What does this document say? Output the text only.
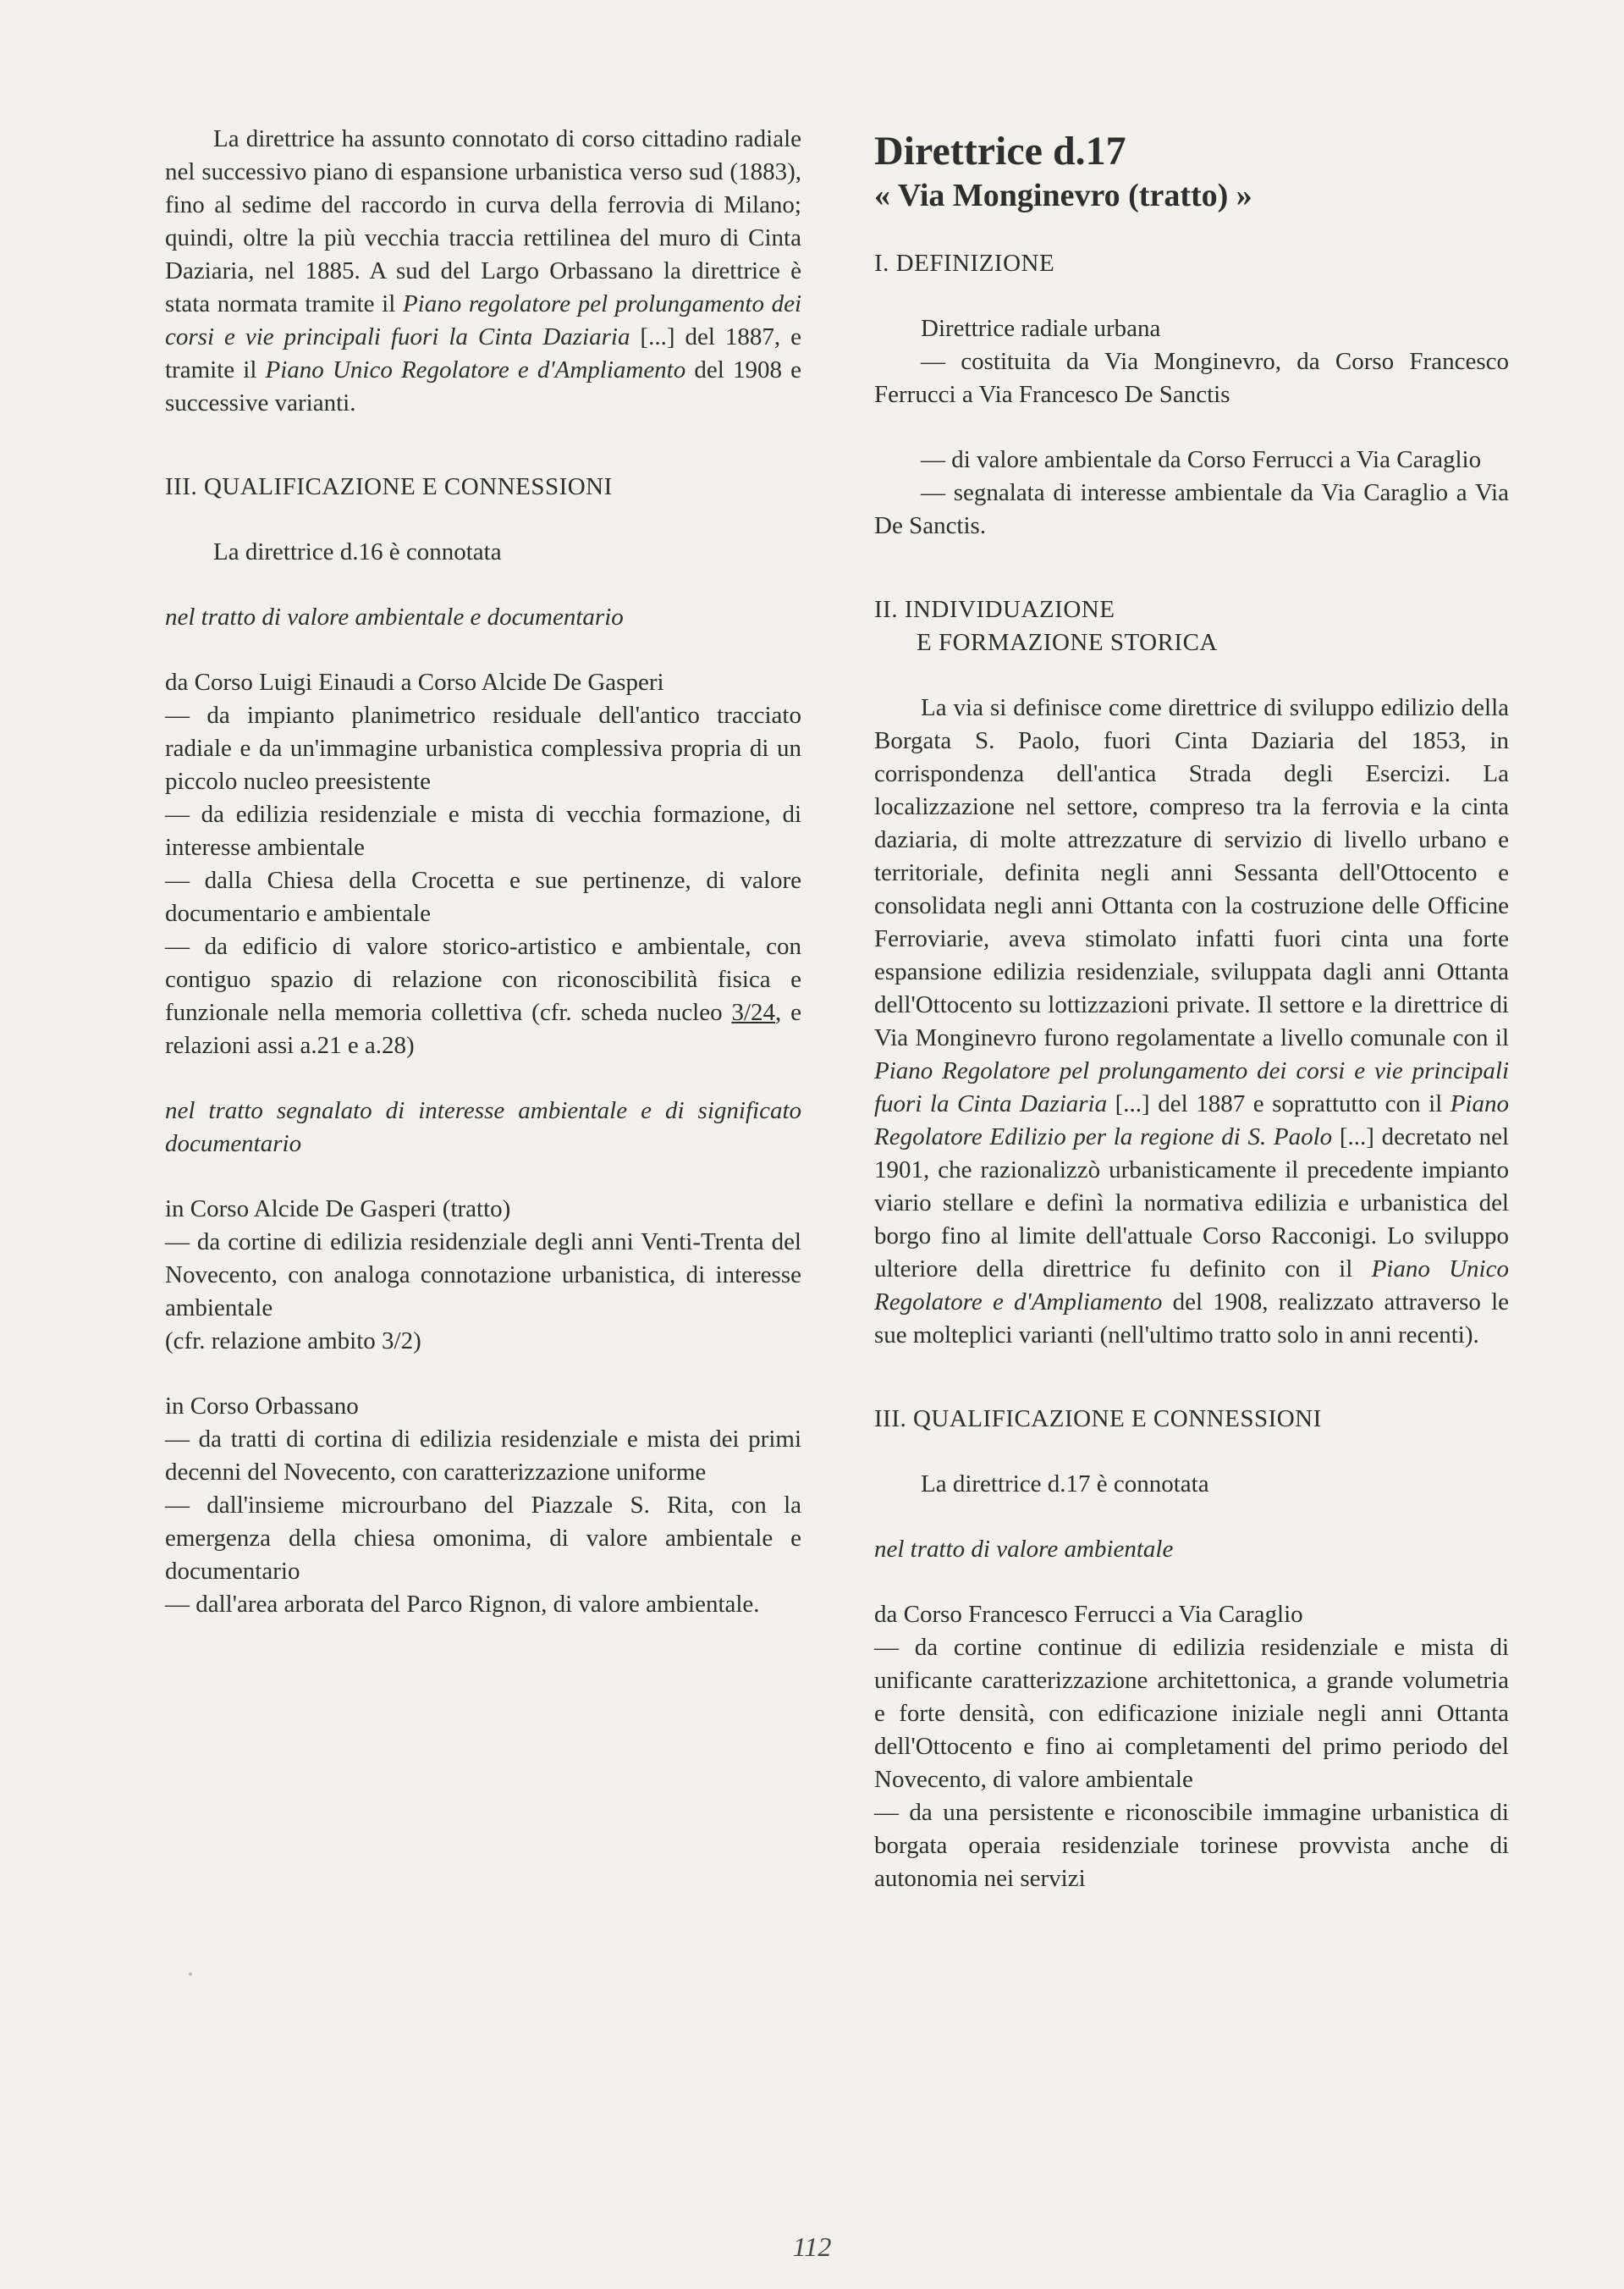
La direttrice ha assunto connotato di corso cittadino radiale nel successivo piano di espansione urbanistica verso sud (1883), fino al sedime del raccordo in curva della ferrovia di Milano; quindi, oltre la più vecchia traccia rettilinea del muro di Cinta Daziaria, nel 1885. A sud del Largo Orbassano la direttrice è stata normata tramite il Piano regolatore pel prolungamento dei corsi e vie principali fuori la Cinta Daziaria [...] del 1887, e tramite il Piano Unico Regolatore e d'Ampliamento del 1908 e successive varianti.

III. QUALIFICAZIONE E CONNESSIONI

La direttrice d.16 è connotata

nel tratto di valore ambientale e documentario

da Corso Luigi Einaudi a Corso Alcide De Gasperi

— da impianto planimetrico residuale dell'antico tracciato radiale e da un'immagine urbanistica complessiva propria di un piccolo nucleo preesistente

— da edilizia residenziale e mista di vecchia formazione, di interesse ambientale

— dalla Chiesa della Crocetta e sue pertinenze, di valore documentario e ambientale

— da edificio di valore storico-artistico e ambientale, con contiguo spazio di relazione con riconoscibilità fisica e funzionale nella memoria collettiva (cfr. scheda nucleo 3/24, e relazioni assi a.21 e a.28)

nel tratto segnalato di interesse ambientale e di significato documentario

in Corso Alcide De Gasperi (tratto)

— da cortine di edilizia residenziale degli anni Venti-Trenta del Novecento, con analoga connotazione urbanistica, di interesse ambientale

(cfr. relazione ambito 3/2)

in Corso Orbassano

— da tratti di cortina di edilizia residenziale e mista dei primi decenni del Novecento, con caratterizzazione uniforme

— dall'insieme microurbano del Piazzale S. Rita, con la emergenza della chiesa omonima, di valore ambientale e documentario

— dall'area arborata del Parco Rignon, di valore ambientale.

Direttrice d.17

« Via Monginevro (tratto) »

I. DEFINIZIONE

Direttrice radiale urbana

— costituita da Via Monginevro, da Corso Francesco Ferrucci a Via Francesco De Sanctis

— di valore ambientale da Corso Ferrucci a Via Caraglio

— segnalata di interesse ambientale da Via Caraglio a Via De Sanctis.

II. INDIVIDUAZIONE

E FORMAZIONE STORICA

La via si definisce come direttrice di sviluppo edilizio della Borgata S. Paolo, fuori Cinta Daziaria del 1853, in corrispondenza dell'antica Strada degli Esercizi. La localizzazione nel settore, compreso tra la ferrovia e la cinta daziaria, di molte attrezzature di servizio di livello urbano e territoriale, definita negli anni Sessanta dell'Ottocento e consolidata negli anni Ottanta con la costruzione delle Officine Ferroviarie, aveva stimolato infatti fuori cinta una forte espansione edilizia residenziale, sviluppata dagli anni Ottanta dell'Ottocento su lottizzazioni private. Il settore e la direttrice di Via Monginevro furono regolamentate a livello comunale con il Piano Regolatore pel prolungamento dei corsi e vie principali fuori la Cinta Daziaria [...] del 1887 e soprattutto con il Piano Regolatore Edilizio per la regione di S. Paolo [...] decretato nel 1901, che razionalizzò urbanisticamente il precedente impianto viario stellare e definì la normativa edilizia e urbanistica del borgo fino al limite dell'attuale Corso Racconigi. Lo sviluppo ulteriore della direttrice fu definito con il Piano Unico Regolatore e d'Ampliamento del 1908, realizzato attraverso le sue molteplici varianti (nell'ultimo tratto solo in anni recenti).

III. QUALIFICAZIONE E CONNESSIONI

La direttrice d.17 è connotata

nel tratto di valore ambientale

da Corso Francesco Ferrucci a Via Caraglio

— da cortine continue di edilizia residenziale e mista di unificante caratterizzazione architettonica, a grande volumetria e forte densità, con edificazione iniziale negli anni Ottanta dell'Ottocento e fino ai completamenti del primo periodo del Novecento, di valore ambientale

— da una persistente e riconoscibile immagine urbanistica di borgata operaia residenziale torinese provvista anche di autonomia nei servizi

112
